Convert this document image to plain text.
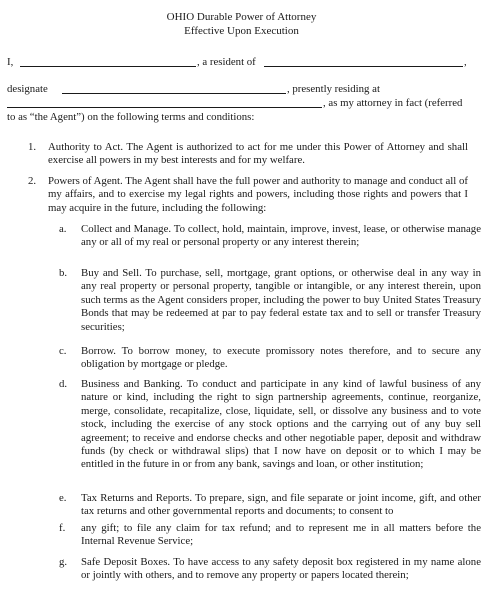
OHIO Durable Power of Attorney
Effective Upon Execution
I,	, a resident of	,
designate	, presently residing at
, as my attorney in fact (referred
to as “the Agent”) on the following terms and conditions:
1. Authority to Act. The Agent is authorized to act for me under this Power of Attorney and shall exercise all powers in my best interests and for my welfare.

2. Powers of Agent. The Agent shall have the full power and authority to manage and conduct all of my affairs, and to exercise my legal rights and powers, including those rights and powers that I may acquire in the future, including the following:

a. Collect and Manage. To collect, hold, maintain, improve, invest, lease, or otherwise manage any or all of my real or personal property or any interest therein;

b. Buy and Sell. To purchase, sell, mortgage, grant options, or otherwise deal in any way in any real property or personal property, tangible or intangible, or any interest therein, upon such terms as the Agent considers proper, including the power to buy United States Treasury Bonds that may be redeemed at par to pay federal estate tax and to sell or transfer Treasury securities;

c. Borrow. To borrow money, to execute promissory notes therefore, and to secure any obligation by mortgage or pledge.

d. Business and Banking. To conduct and participate in any kind of lawful business of any nature or kind, including the right to sign partnership agreements, continue, reorganize, merge, consolidate, recapitalize, close, liquidate, sell, or dissolve any business and to vote stock, including the exercise of any stock options and the carrying out of any buy sell agreement; to receive and endorse checks and other negotiable paper, deposit and withdraw funds (by check or withdrawal slips) that I now have on deposit or to which I may be entitled in the future in or from any bank, savings and loan, or other institution;

e. Tax Returns and Reports. To prepare, sign, and file separate or joint income, gift, and other tax returns and other governmental reports and documents; to consent to

f. any gift; to file any claim for tax refund; and to represent me in all matters before the Internal Revenue Service;

g. Safe Deposit Boxes. To have access to any safety deposit box registered in my name alone or jointly with others, and to remove any property or papers located therein;
